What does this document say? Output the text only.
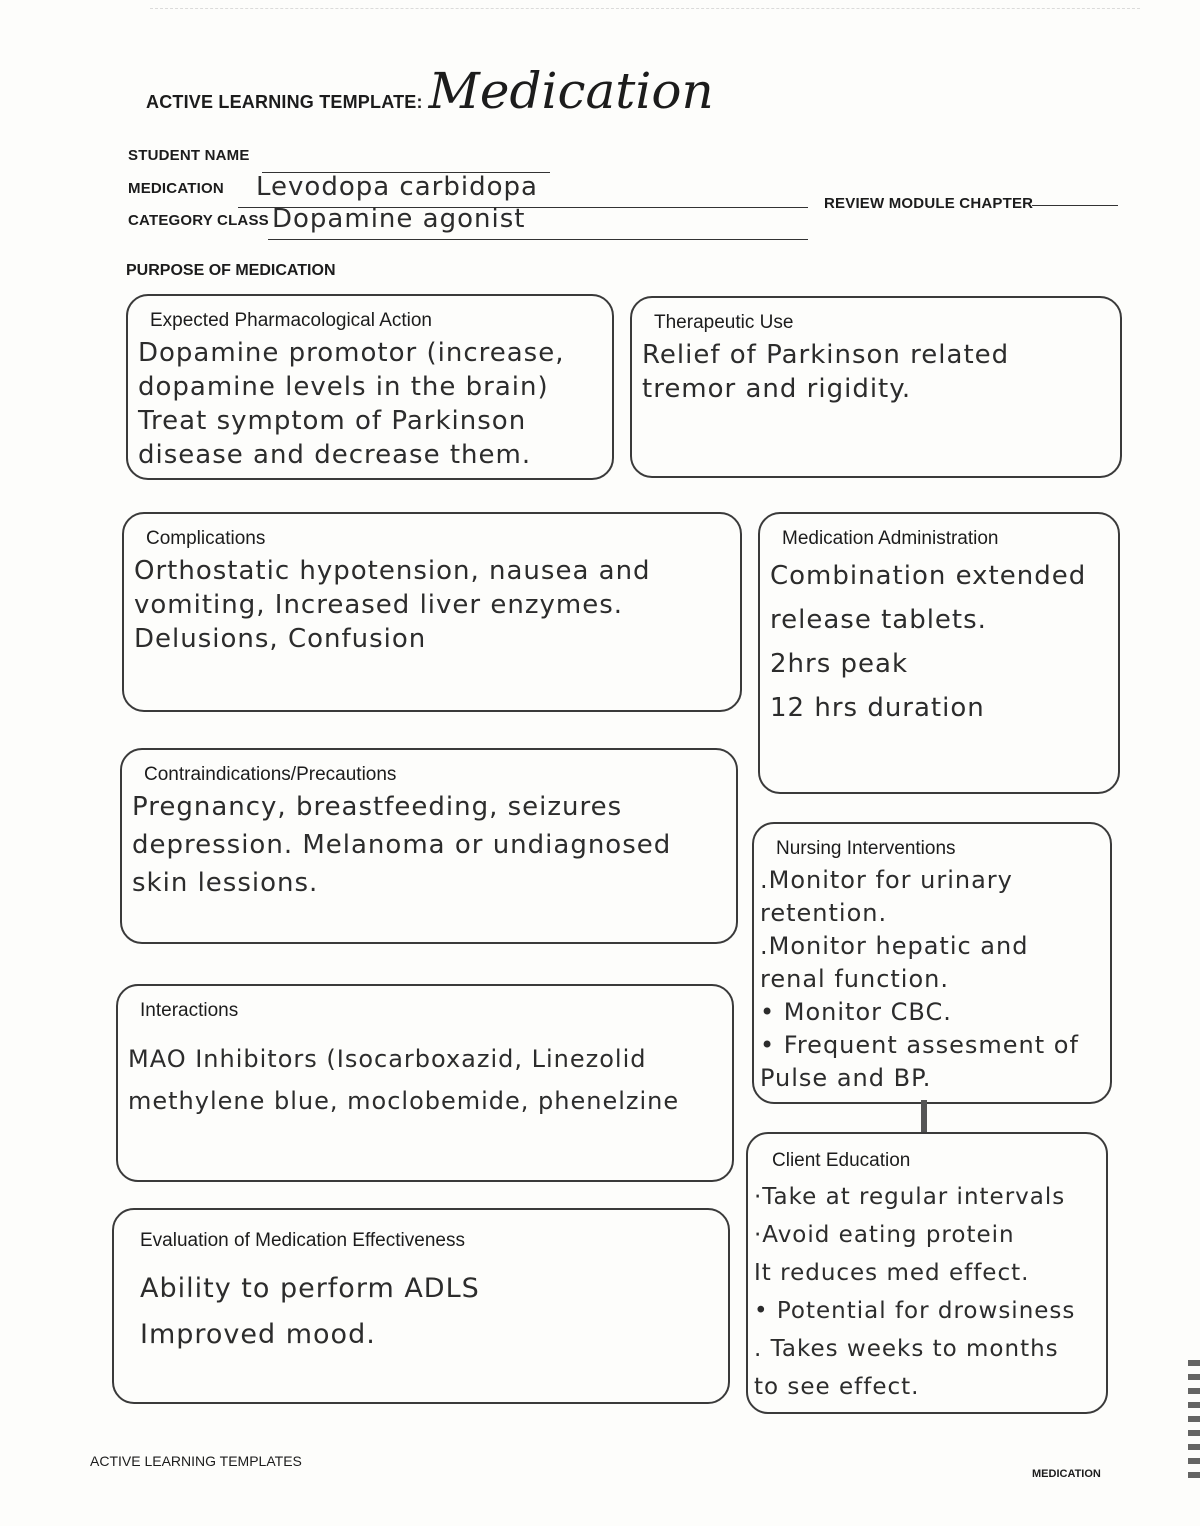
ACTIVE LEARNING TEMPLATE: Medication
STUDENT NAME
MEDICATION Levodopa carbidopa
CATEGORY CLASS Dopamine agonist
REVIEW MODULE CHAPTER
PURPOSE OF MEDICATION
Expected Pharmacological Action
Dopamine promotor (increase,
dopamine levels in the brain)
Treat symptom of Parkinson
disease and decrease them.
Therapeutic Use
Relief of Parkinson related
tremor and rigidity.
Complications
Orthostatic hypotension, nausea and
vomiting, Increased liver enzymes.
Delusions, Confusion
Medication Administration
Combination extended
release tablets.
2hrs peak
12 hrs duration
Contraindications/Precautions
Pregnancy, breastfeeding, seizures
depression. Melanoma or undiagnosed
skin lessions.
Nursing Interventions
.Monitor for urinary
retention.
.Monitor hepatic and
renal function.
• Monitor CBC.
• Frequent assesment of
Pulse and BP.
Interactions
MAO Inhibitors (Isocarboxazid, Linezolid
methylene blue, moclobemide, phenelzine
Client Education
·Take at regular intervals
·Avoid eating protein
It reduces med effect.
• Potential for drowsiness
. Takes weeks to months
to see effect.
Evaluation of Medication Effectiveness
Ability to perform ADLS
Improved mood.
ACTIVE LEARNING TEMPLATES
MEDICATION
